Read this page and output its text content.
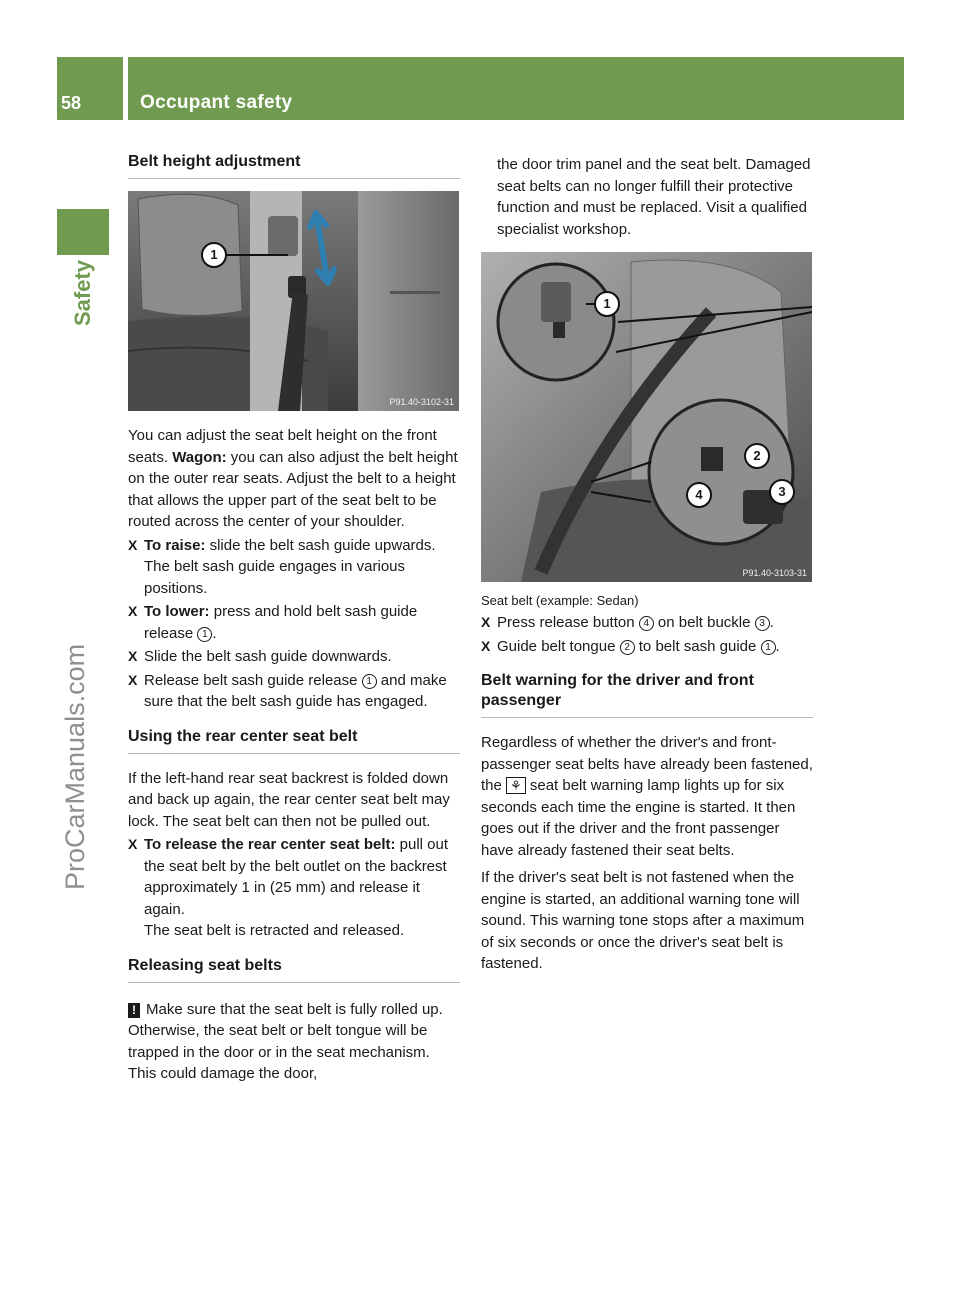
58	Occupant safety
Safety
ProCarManuals.com
Belt height adjustment
1
P91.40-3102-31

You can adjust the seat belt height on the front seats. Wagon: you can also adjust the belt height on the outer rear seats. Adjust the belt to a height that allows the upper part of the seat belt to be routed across the center of your shoulder.

X To raise: slide the belt sash guide upwards. The belt sash guide engages in various positions.
X To lower: press and hold belt sash guide release 1 .
X Slide the belt sash guide downwards.
X Release belt sash guide release 1 and make sure that the belt sash guide has engaged.
Using the rear center seat belt

If the left-hand rear seat backrest is folded down and back up again, the rear center seat belt may lock. The seat belt can then not be pulled out.

X To release the rear center seat belt: pull out the seat belt by the belt outlet on the backrest approximately 1 in (25 mm) and release it again.
The seat belt is retracted and released.
Releasing seat belts
! Make sure that the seat belt is fully rolled up. Otherwise, the seat belt or belt tongue will be trapped in the door or in the seat mechanism. This could damage the door,

the door trim panel and the seat belt. Damaged seat belts can no longer fulfill their protective function and must be replaced. Visit a qualified specialist workshop.

1
2
3
4
P91.40-3103-31
Seat belt (example: Sedan)
X Press release button 4 on belt buckle 3 .
X Guide belt tongue 2 to belt sash guide 1 .
Belt warning for the driver and front passenger

Regardless of whether the driver's and front-passenger seat belts have already been fastened, the ⚘ seat belt warning lamp lights up for six seconds each time the engine is started. It then goes out if the driver and the front passenger have already fastened their seat belts.

If the driver's seat belt is not fastened when the engine is started, an additional warning tone will sound. This warning tone stops after a maximum of six seconds or once the driver's seat belt is fastened.
